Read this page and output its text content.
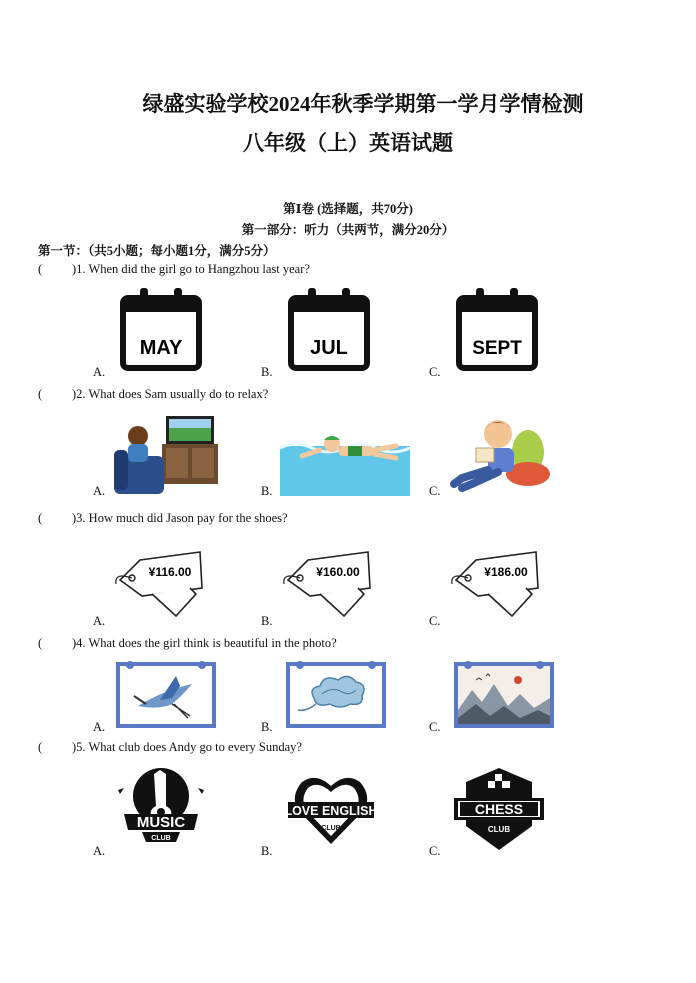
绿盛实验学校2024年秋季学期第一学月学情检测
八年级（上）英语试题
第Ⅰ卷 (选择题，共70分)
第一部分：听力（共两节，满分20分）
第一节：（共5小题；每小题1分，满分5分）
( )1. When did the girl go to Hangzhou last year?
MAY	JUL	SEPT
A.	B.	C.
( )2. What does Sam usually do to relax?
A.	B.	C.
( )3. How much did Jason pay for the shoes?
¥116.00	¥160.00	¥186.00
A.	B.	C.
( )4. What does the girl think is beautiful in the photo?
A.	B.	C.
( )5. What club does Andy go to every Sunday?
MUSIC
CLUB
LOVE ENGLISH
CLUB
CHESS
CLUB
A.	B.	C.
